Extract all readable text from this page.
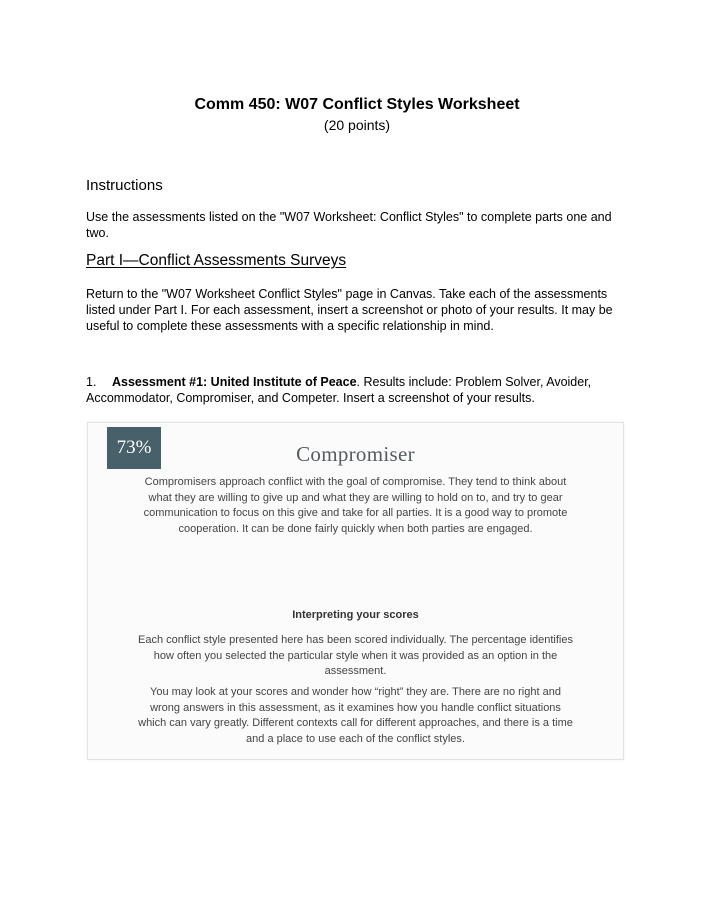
Comm 450: W07 Conflict Styles Worksheet
(20 points)
Instructions
Use the assessments listed on the "W07 Worksheet: Conflict Styles" to complete parts one and two.
Part I—Conflict Assessments Surveys
Return to the "W07 Worksheet Conflict Styles" page in Canvas. Take each of the assessments listed under Part I. For each assessment, insert a screenshot or photo of your results. It may be useful to complete these assessments with a specific relationship in mind.
1. Assessment #1: United Institute of Peace. Results include: Problem Solver, Avoider, Accommodator, Compromiser, and Competer. Insert a screenshot of your results.
73%	Compromiser
Compromisers approach conflict with the goal of compromise. They tend to think about what they are willing to give up and what they are willing to hold on to, and try to gear communication to focus on this give and take for all parties. It is a good way to promote cooperation. It can be done fairly quickly when both parties are engaged.
Interpreting your scores
Each conflict style presented here has been scored individually. The percentage identifies how often you selected the particular style when it was provided as an option in the assessment.
You may look at your scores and wonder how “right” they are. There are no right and wrong answers in this assessment, as it examines how you handle conflict situations which can vary greatly. Different contexts call for different approaches, and there is a time and a place to use each of the conflict styles.
